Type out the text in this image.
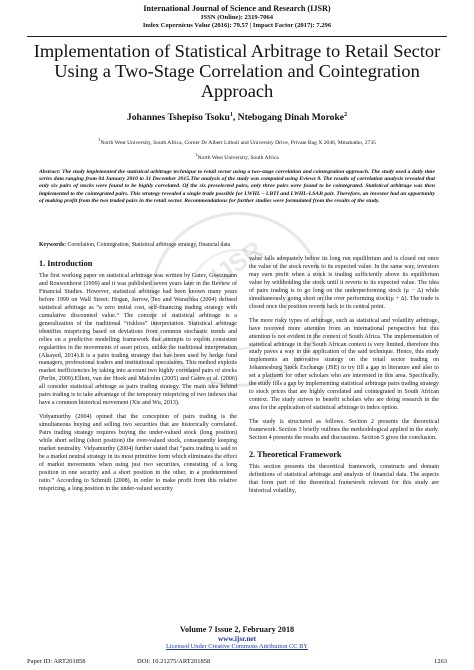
International Journal of Science and Research (IJSR)
ISSN (Online): 2319-7064
Index Copernicus Value (2016): 79.57 | Impact Factor (2017): 7.296
Implementation of Statistical Arbitrage to Retail Sector Using a Two-Stage Correlation and Cointegration Approach
Johannes Tshepiso Tsoku$^1$, Ntebogang Dinah Moroke$^2$
$^1$North West University, South Africa, Corner Dr Albert Lithuli and University Drive, Private Bag X 2046, Mmabatho, 2735
$^2$North West University, South Africa
Abstract: The study implemented the statistical arbitrage technique to retail sector using a two-stage correlation and cointegration approach. The study used a daily time series data ranging from 04 January 2010 to 31 December 2015.The analysis of the study was computed using Eviews 9. The results of correlation analysis revealed that only six pairs of stocks were found to be highly correlated. Of the six preselected pairs, only three pairs were found to be cointegrated. Statistical arbitrage was then implemented to the cointegrated pairs. This strategy revealed a single trade possible for LWHL – LBTI and LWHL-LSAB pair. Therefore, an investor had an opportunity of making profit from the two traded pairs in the retail sector. Recommendations for further studies were formulated from the results of the study.
Keywords: Correlation, Cointegration, Statistical arbitrage strategy, financial data
IJSR
1. Introduction

The first working paper on statistical arbitrage was written by Gatev, Goetzmann and Rouwenhorst (1999) and it was published seven years later in the Review of Financial Studies. However, statistical arbitrage had been known many years before 1999 on Wall Street: Hogan, Jarrow, Teo and Warachka (2004) defined statistical arbitrage as “a zero initial cost, self-financing trading strategy with cumulative discounted value.” The concept of statistical arbitrage is a generalization of the traditional “riskless” interpretation. Statistical arbitrage identifies mispricing based on deviations from common stochastic trends and relies on a predictive modelling framework that attempts to exploit consistent regularities in the movements of asset prices, unlike the traditional interpretation (Alsayed, 2014).It is a pairs trading strategy that has been used by hedge fund managers, professional traders and institutional speculators. This method exploits market inefficiencies by taking into account two highly correlated pairs of stocks (Perlin, 2009).Elliott, van der Hoek and Malcolm (2005) and Gatev et al. (2006) all consider statistical arbitrage as pairs trading strategy. The main idea behind pairs trading is to take advantage of the temporary mispricing of two indexes that have a common historical movement (Xie and Wu, 2013).

Vidyamurthy (2004) opined that the conception of pairs trading is the simultaneous buying and selling two securities that are historically correlated. Pairs trading strategy requires buying the under-valued stock (long position) while short selling (short position) the over-valued stock, consequently keeping market neutrality. Vidyamurthy (2004) further stated that “pairs trading is said to be a market neutral strategy in its most primitive form which eliminates the effect of market movements when using just two securities, consisting of a long position in one security and a short position in the other, in a predetermined ratio.” According to Schmidt (2008), in order to make profit from this relative mispricing, a long position in the under-valued security

value falls adequately below its long run equilibrium and is closed out once the value of the stock reverts to its expected value. In the same way, investors may earn profit when a stock is trading sufficiently above its equilibrium value by withholding the stock until it reverts to its expected value. The idea of pairs trading is to go long on the underperforming stock (μ − Δ) while simultaneously going short on the over performing stock(μ + Δ). The trade is closed once the position reverts back to its central point.

The more risky types of arbitrage, such as statistical and volatility arbitrage, have received more attention from an international perspective but this attention is not evident in the context of South Africa. The implementation of statistical arbitrage in the South African context is very limited, therefore this study paves a way in the application of the said technique. Hence, this study implements an innovative strategy on the retail sector trading on Johannesburg Stock Exchange (JSE) to try fill a gap in literature and also to set a platform for other scholars who are interested in this area. Specifically, the study fills a gap by implementing statistical arbitrage pairs trading strategy to stock prices that are highly correlated and cointegrated in South African context. The study strives to benefit scholars who are doing research in the area for the application of statistical arbitrage to index option.

The study is structured as follows. Section 2 presents the theoretical framework. Section 3 briefly outlines the methodological applied in the study. Section 4 presents the results and discussions. Section 5 gives the conclusion.

2. Theoretical Framework

This section presents the theoretical framework, constructs and domain definitions of statistical arbitrage and analysis of financial data. The aspects that form part of the theoretical framework relevant for this study are historical volatility,

Volume 7 Issue 2, February 2018
www.ijsr.net
Licensed Under Creative Commons Attribution CC BY
Paper ID: ART201858	DOI: 10.21275/ART201858	1263
